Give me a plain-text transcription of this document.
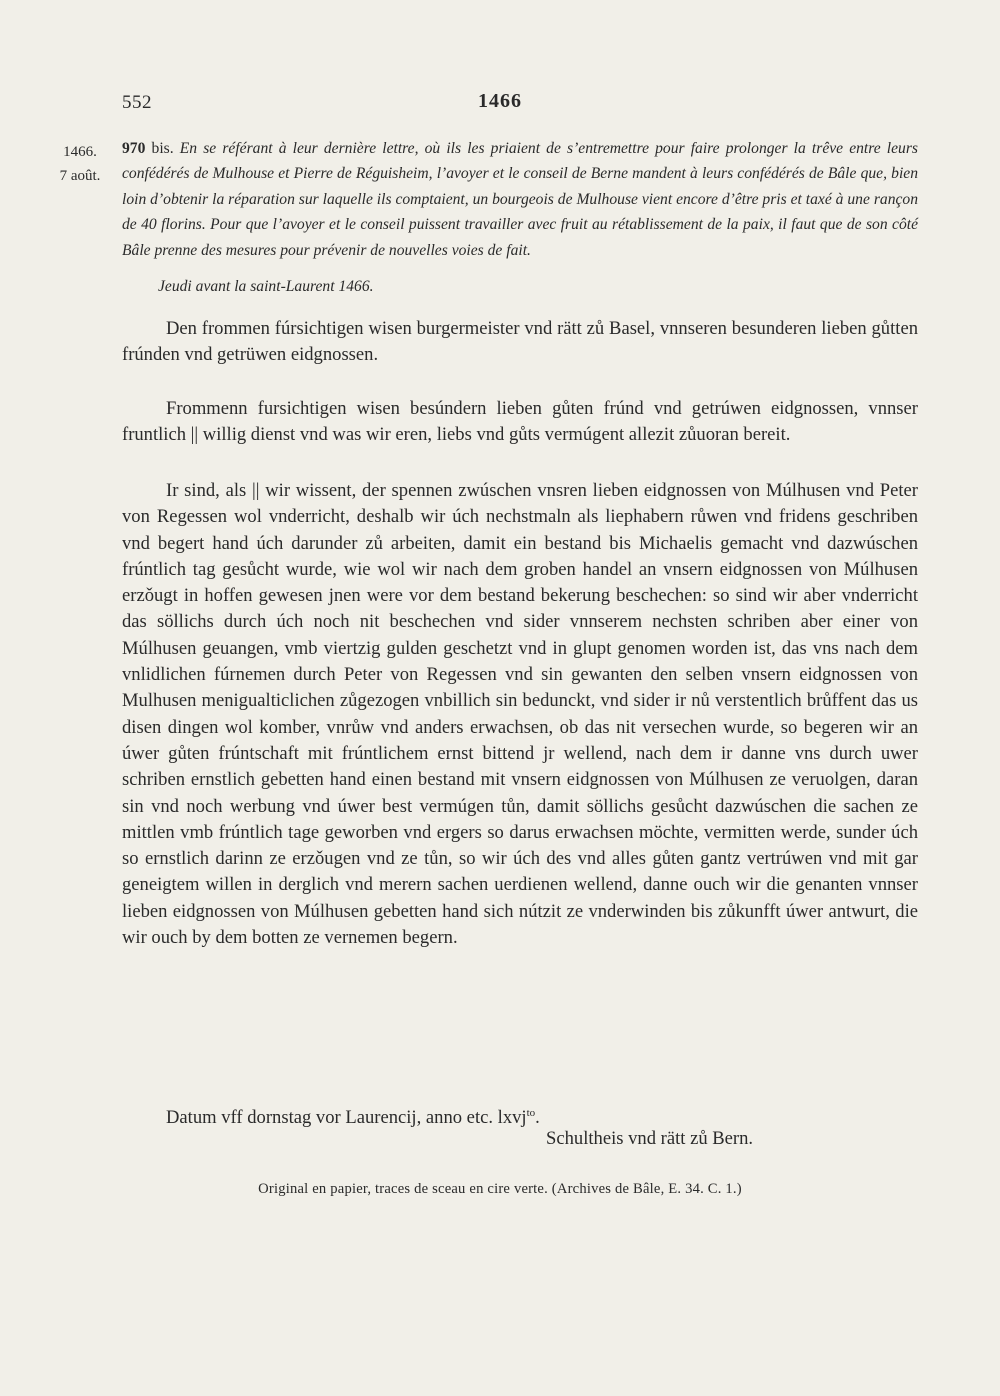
552	1466
1466.
7 août.

970 bis. En se référant à leur dernière lettre, où ils les priaient de s’entremettre pour faire prolonger la trêve entre leurs confédérés de Mulhouse et Pierre de Réguisheim, l’avoyer et le conseil de Berne mandent à leurs confédérés de Bâle que, bien loin d’obtenir la réparation sur laquelle ils comptaient, un bourgeois de Mulhouse vient encore d’être pris et taxé à une rançon de 40 florins. Pour que l’avoyer et le conseil puissent travailler avec fruit au rétablissement de la paix, il faut que de son côté Bâle prenne des mesures pour prévenir de nouvelles voies de fait.

Jeudi avant la saint-Laurent 1466.

Den frommen fúrsichtigen wisen burgermeister vnd rätt zů Basel, vnnseren besunderen lieben gůtten frúnden vnd getrüwen eidgnossen.

Frommenn fursichtigen wisen besúndern lieben gůten frúnd vnd getrúwen eidgnossen, vnnser fruntlich || willig dienst vnd was wir eren, liebs vnd gůts vermúgent allezit zůuoran bereit.

Ir sind, als || wir wissent, der spennen zwúschen vnsren lieben eidgnossen von Múlhusen vnd Peter von Regessen wol vnderricht, deshalb wir úch nechstmaln als liephabern růwen vnd fridens geschriben vnd begert hand úch darunder zů arbeiten, damit ein bestand bis Michaelis gemacht vnd dazwúschen frúntlich tag gesůcht wurde, wie wol wir nach dem groben handel an vnsern eidgnossen von Múlhusen erzǒugt in hoffen gewesen jnen were vor dem bestand bekerung beschechen: so sind wir aber vnderricht das söllichs durch úch noch nit beschechen vnd sider vnnserem nechsten schriben aber einer von Múlhusen geuangen, vmb viertzig gulden geschetzt vnd in glupt genomen worden ist, das vns nach dem vnlidlichen fúrnemen durch Peter von Regessen vnd sin gewanten den selben vnsern eidgnossen von Mulhusen menigualticlichen zůgezogen vnbillich sin bedunckt, vnd sider ir nů verstentlich brůffent das us disen dingen wol komber, vnrůw vnd anders erwachsen, ob das nit versechen wurde, so begeren wir an úwer gůten frúntschaft mit frúntlichem ernst bittend jr wellend, nach dem ir danne vns durch uwer schriben ernstlich gebetten hand einen bestand mit vnsern eidgnossen von Múlhusen ze veruolgen, daran sin vnd noch werbung vnd úwer best vermúgen tůn, damit söllichs gesůcht dazwúschen die sachen ze mittlen vmb frúntlich tage geworben vnd ergers so darus erwachsen möchte, vermitten werde, sunder úch so ernstlich darinn ze erzǒugen vnd ze tůn, so wir úch des vnd alles gůten gantz vertrúwen vnd mit gar geneigtem willen in derglich vnd merern sachen uerdienen wellend, danne ouch wir die genanten vnnser lieben eidgnossen von Múlhusen gebetten hand sich nútzit ze vnderwinden bis zůkunfft úwer antwurt, die wir ouch by dem botten ze vernemen begern.

Datum vff dornstag vor Laurencij, anno etc. lxvj$^{to}$.
Schultheis vnd rätt zů Bern.
Original en papier, traces de sceau en cire verte. (Archives de Bâle, E. 34. C. 1.)
